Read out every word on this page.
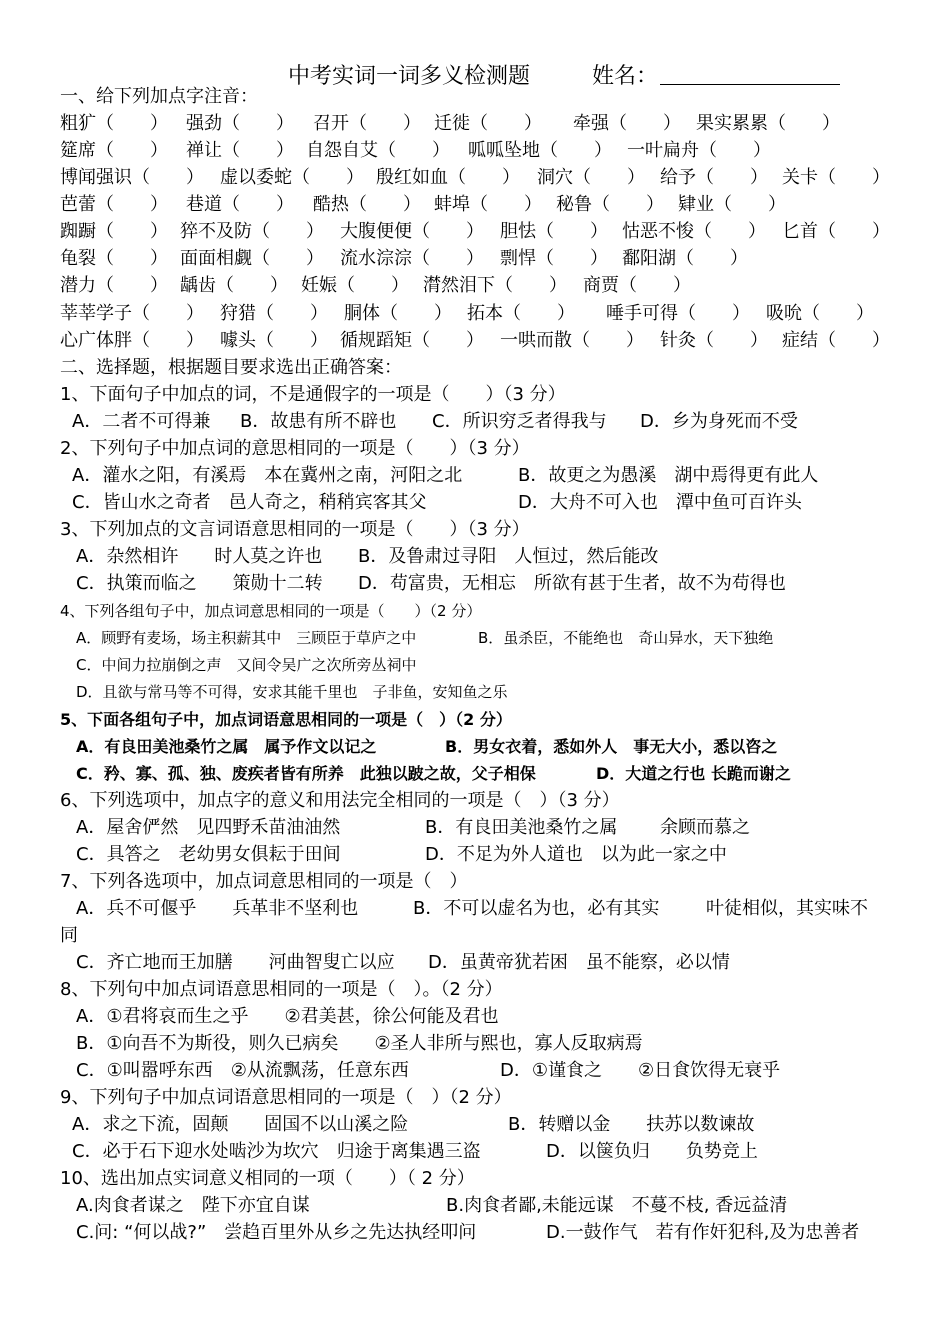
中考实词一词多义检测题	姓名：
一、给下列加点字注音：
粗犷（　　） 强劲（　　） 召开（　　） 迁徙（　　） 牵强（　　） 果实累累（　　）
筵席（　　） 禅让（　　） 自怨自艾（　　） 呱呱坠地（　　） 一叶扁舟（　　）
博闻强识（　　） 虚以委蛇（　　） 殷红如血（　　） 洞穴（　　） 给予（　　） 关卡（　　）
芭蕾（　　） 巷道（　　） 酷热（　　） 蚌埠（　　） 秘鲁（　　） 肄业（　　）
踟蹰（　　） 猝不及防（　　） 大腹便便（　　） 胆怯（　　） 怙恶不悛（　　） 匕首（　　）
龟裂（　　） 面面相觑（　　） 流水淙淙（　　） 剽悍（　　） 鄱阳湖（　　）
潜力（　　） 龋齿（　　） 妊娠（　　） 潸然泪下（　　） 商贾（　　）
莘莘学子（　　） 狩猎（　　） 胴体（　　） 拓本（　　） 唾手可得（　　） 吸吮（　　）
心广体胖（　　） 噱头（　　） 循规蹈矩（　　） 一哄而散（　　） 针灸（　　） 症结（　　）
二、选择题，根据题目要求选出正确答案：
1、下面句子中加点的词，不是通假字的一项是（　　）（3 分）
A．二者不可得兼 B．故患有所不辟也 C．所识穷乏者得我与 D．乡为身死而不受
2、下列句子中加点词的意思相同的一项是（　　）（3 分）
A．灌水之阳，有溪焉　本在冀州之南，河阳之北	B．故更之为愚溪　湖中焉得更有此人
C．皆山水之奇者　邑人奇之，稍稍宾客其父	D．大舟不可入也　潭中鱼可百许头
3、下列加点的文言词语意思相同的一项是（　　）（3 分）
A．杂然相许　　时人莫之许也 B．及鲁肃过寻阳　人恒过，然后能改
C．执策而临之　　策勋十二转 D．苟富贵，无相忘　所欲有甚于生者，故不为苟得也
4、下列各组句子中，加点词意思相同的一项是（　　）（2 分）
A．顾野有麦场，场主积薪其中　三顾臣于草庐之中	B．虽杀臣，不能绝也　奇山异水，天下独绝
C．中间力拉崩倒之声　又间令吴广之次所旁丛祠中
D．且欲与常马等不可得，安求其能千里也　子非鱼，安知鱼之乐
5、下面各组句子中，加点词语意思相同的一项是（　）（2 分）
A．有良田美池桑竹之属　属予作文以记之	B．男女衣着，悉如外人　事无大小，悉以咨之
C．矜、寡、孤、独、废疾者皆有所养　此独以跛之故，父子相保	D．大道之行也 长跪而谢之
6、下列选项中，加点字的意义和用法完全相同的一项是（　）（3 分）
A．屋舍俨然　见四野禾苗油油然	B．有良田美池桑竹之属 余顾而慕之
C．具答之　老幼男女俱耘于田间	D．不足为外人道也　以为此一家之中
7、下列各选项中，加点词意思相同的一项是（　）
A．兵不可偃乎　　兵革非不坚利也	B．不可以虚名为也，必有其实	叶徒相似，其实味不
同
C．齐亡地而王加膳　　河曲智叟亡以应 D．虽黄帝犹若困　虽不能察，必以情
8、下列句中加点词语意思相同的一项是（　）。（2 分）
A．①君将哀而生之乎　　②君美甚，徐公何能及君也
B．①向吾不为斯役，则久已病矣　　②圣人非所与熙也，寡人反取病焉
C．①叫嚣呼东西　②从流飘荡，任意东西	D．①谨食之　　②日食饮得无衰乎
9、下列句子中加点词语意思相同的一项是（　）（2 分）
A．求之下流，固颠　　固国不以山溪之险	B．转赠以金　　扶苏以数谏故
C．必于石下迎水处啮沙为坎穴　归途于离集遇三盗	D．以箧负归　　负势竞上
10、选出加点实词意义相同的一项（　　）（ 2 分）
A.肉食者谋之　陛下亦宜自谋	B.肉食者鄙,未能远谋　不蔓不枝, 香远益清
C.问: “何以战?”　尝趋百里外从乡之先达执经叩问	D.一鼓作气　若有作奸犯科,及为忠善者
